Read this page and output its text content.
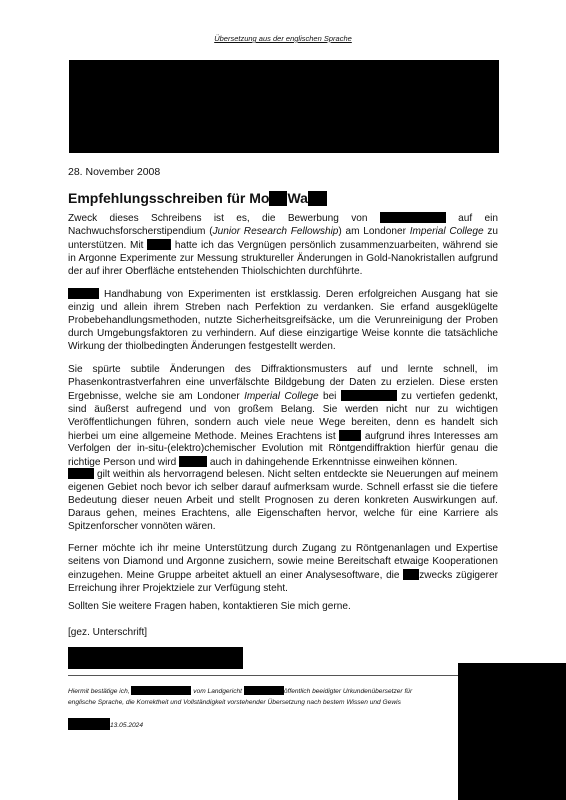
Übersetzung aus der englischen Sprache
28. November 2008
Empfehlungsschreiben für Mo Wa
Zweck dieses Schreibens ist es, die Bewerbung von	auf ein Nachwuchsforscherstipendium (Junior Research Fellowship) am Londoner Imperial College zu unterstützen. Mit	hatte ich das Vergnügen persönlich zusammenzuarbeiten, während sie in Argonne Experimente zur Messung struktureller Änderungen in Gold-Nanokristallen aufgrund der auf ihrer Oberfläche entstehenden Thiolschichten durchführte.
Handhabung von Experimenten ist erstklassig. Deren erfolgreichen Ausgang hat sie einzig und allein ihrem Streben nach Perfektion zu verdanken. Sie erfand ausgeklügelte Probebehandlungsmethoden, nutzte Sicherheitsgreifsäcke, um die Verunreinigung der Proben durch Umgebungsfaktoren zu verhindern. Auf diese einzigartige Weise konnte die tatsächliche Wirkung der thiolbedingten Änderungen festgestellt werden.
Sie spürte subtile Änderungen des Diffraktionsmusters auf und lernte schnell, im Phasenkontrastverfahren eine unverfälschte Bildgebung der Daten zu erzielen. Diese ersten Ergebnisse, welche sie am Londoner Imperial College bei	zu vertiefen gedenkt, sind äußerst aufregend und von großem Belang. Sie werden nicht nur zu wichtigen Veröffentlichungen führen, sondern auch viele neue Wege bereiten, denn es handelt sich hierbei um eine allgemeine Methode. Meines Erachtens ist	aufgrund ihres Interesses am Verfolgen der in-situ-(elektro)chemischer Evolution mit Röntgendiffraktion hierfür genau die richtige Person und wird	auch in dahingehende Erkenntnisse einweihen können.
gilt weithin als hervorragend belesen. Nicht selten entdeckte sie Neuerungen auf meinem eigenen Gebiet noch bevor ich selber darauf aufmerksam wurde. Schnell erfasst sie die tiefere Bedeutung dieser neuen Arbeit und stellt Prognosen zu deren konkreten Auswirkungen auf. Daraus gehen, meines Erachtens, alle Eigenschaften hervor, welche für eine Karriere als Spitzenforscher vonnöten wären.
Ferner möchte ich ihr meine Unterstützung durch Zugang zu Röntgenanlagen und Expertise seitens von Diamond und Argonne zusichern, sowie meine Bereitschaft etwaige Kooperationen einzugehen. Meine Gruppe arbeitet aktuell an einer Analysesoftware, die zwecks zügigerer Erreichung ihrer Projektziele zur Verfügung steht.
Sollten Sie weitere Fragen haben, kontaktieren Sie mich gerne.
[gez. Unterschrift]
Hiermit bestätige ich,	vom Landgericht	öffentlich beeidigter Urkundenübersetzer für
englische Sprache, die Korrektheit und Vollständigkeit vorstehender Übersetzung nach bestem Wissen und Gewis
13.05.2024
